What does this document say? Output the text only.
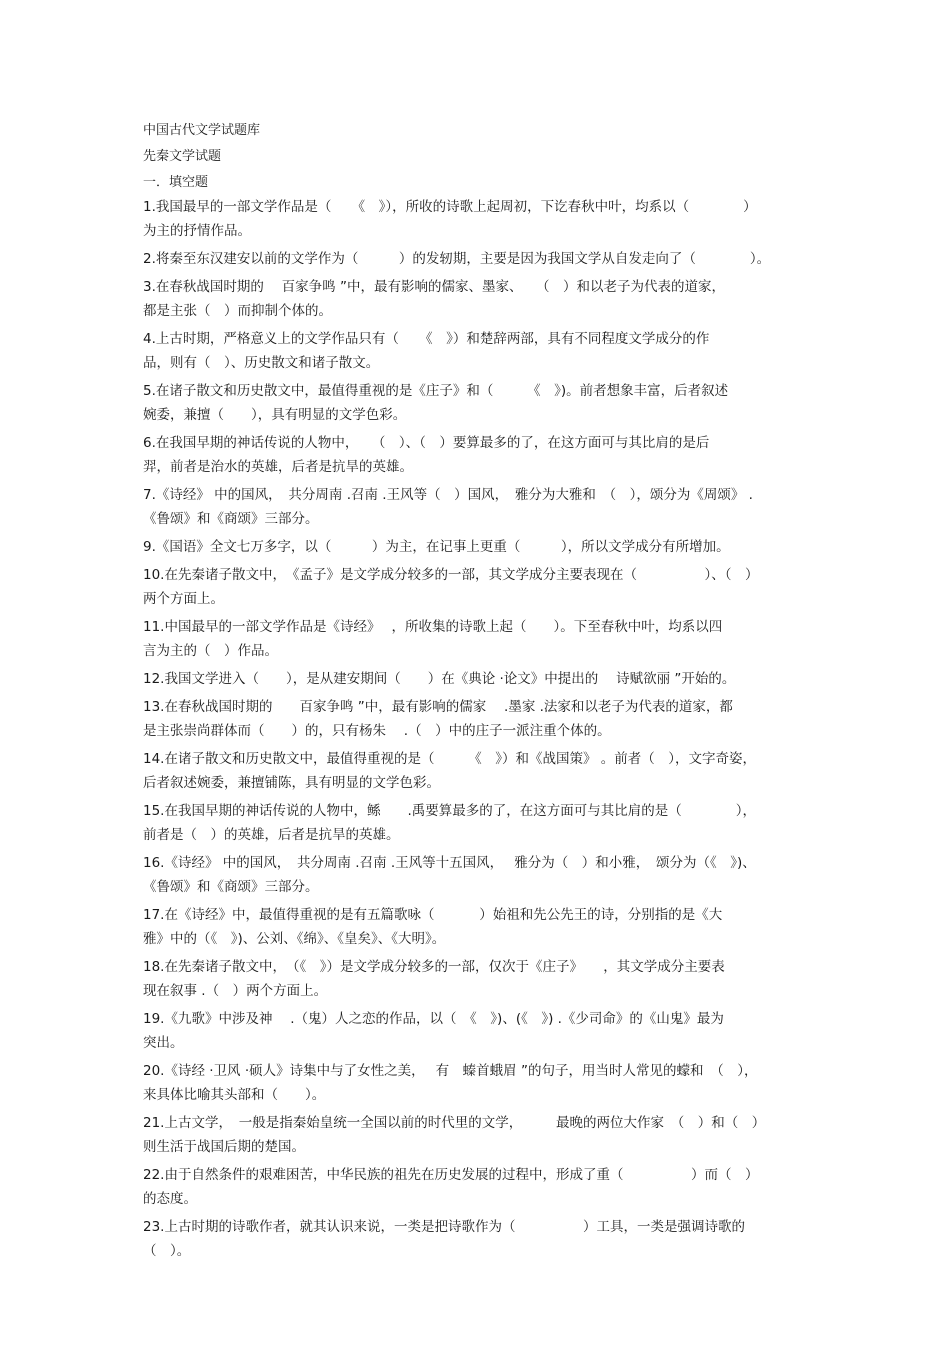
中国古代文学试题库
先秦文学试题
一．填空题
1.我国最早的一部文学作品是（　　《　》），所收的诗歌上起周初，下讫春秋中叶，均系以（　　　　）
为主的抒情作品。
2.将秦至东汉建安以前的文学作为（　　　）的发轫期，主要是因为我国文学从自发走向了（　　　　）。
3.在春秋战国时期的　 百家争鸣 ”中，最有影响的儒家、墨家、　　（　）和以老子为代表的道家，
都是主张（　）而抑制个体的。
4.上古时期，严格意义上的文学作品只有（　　《　》）和楚辞两部，具有不同程度文学成分的作
品，则有（　）、历史散文和诸子散文。
5.在诸子散文和历史散文中，最值得重视的是《庄子》和（　　　《　》)。前者想象丰富，后者叙述
婉委，兼擅（　　），具有明显的文学色彩。
6.在我国早期的神话传说的人物中，　　（　）、（　）要算最多的了，在这方面可与其比肩的是后
羿，前者是治水的英雄，后者是抗旱的英雄。
7.《诗经》 中的国风，　共分周南 .召南 .王风等（　）国风，　雅分为大雅和　（　），颂分为《周颂》 .
《鲁颂》和《商颂》三部分。
9.《国语》全文七万多字，以（　　　）为主，在记事上更重（　　　），所以文学成分有所增加。
10.在先秦诸子散文中，　《孟子》是文学成分较多的一部，其文学成分主要表现在（　　　　　）、（　）
两个方面上。
11.中国最早的一部文学作品是《诗经》　 ，所收集的诗歌上起（　　）。下至春秋中叶，均系以四
言为主的（　）作品。
12.我国文学进入（　　），是从建安期间（　　）在《典论 ·论文》中提出的　 诗赋欲丽 ”开始的。
13.在春秋战国时期的　　百家争鸣 ”中，最有影响的儒家　 .墨家 .法家和以老子为代表的道家，都
是主张崇尚群体而（　　）的，只有杨朱 　.（　）中的庄子一派注重个体的。
14.在诸子散文和历史散文中，最值得重视的是（　　　《　》）和《战国策》 。前者（　），文字奇姿，
后者叙述婉委，兼擅铺陈，具有明显的文学色彩。
15.在我国早期的神话传说的人物中，鲧　　.禹要算最多的了，在这方面可与其比肩的是（　　　　），
前者是（　）的英雄，后者是抗旱的英雄。
16.《诗经》 中的国风，　共分周南 .召南 .王风等十五国风，　 雅分为（　）和小雅，　颂分为（《　》)、
《鲁颂》和《商颂》三部分。
17.在《诗经》中，最值得重视的是有五篇歌咏（　　　 ）始祖和先公先王的诗，分别指的是《大
雅》中的（《　》)、公刘、《绵》、《皇矣》、《大明》。
18.在先秦诸子散文中，　（《　》）是文学成分较多的一部，仅次于《庄子》　　，其文学成分主要表
现在叙事 .（　）两个方面上。
19.《九歌》中涉及神 　.（鬼）人之恋的作品，以（　《　》)、(《　》) .《少司命》的《山鬼》最为
突出。
20.《诗经 ·卫风 ·硕人》诗集中与了女性之美，　 有　螓首蛾眉 ”的句子，用当时人常见的蠓和　（　），
来具体比喻其头部和（　　）。
21.上古文学，　一般是指秦始皇统一全国以前的时代里的文学，　　　最晚的两位大作家　（　）和（　）
则生活于战国后期的楚国。
22.由于自然条件的艰难困苦，中华民族的祖先在历史发展的过程中，形成了重（　　　　　）而（　）
的态度。
23.上古时期的诗歌作者，就其认识来说，一类是把诗歌作为（　　　　　）工具，一类是强调诗歌的
（　）。
